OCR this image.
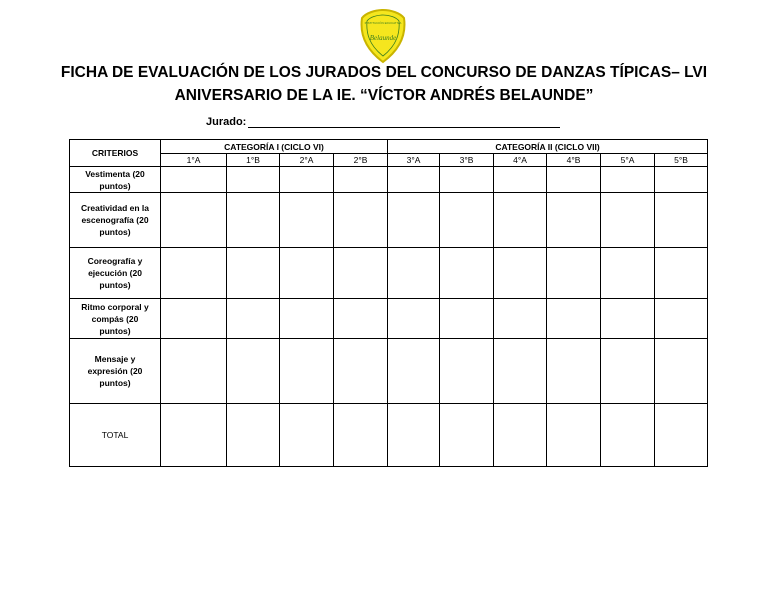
INSTITUCIÓN EDUCATIVA
Belaunde
FICHA DE EVALUACIÓN DE LOS JURADOS DEL CONCURSO DE DANZAS TÍPICAS– LVI
ANIVERSARIO DE LA IE. “VÍCTOR ANDRÉS BELAUNDE”
Jurado:
CRITERIOS	CATEGORÍA I (CICLO VI)				CATEGORÍA II (CICLO VII)					
	1°A	1°B	2°A	2°B	3°A	3°B	4°A	4°B	5°A	5°B
Vestimenta (20
puntos)										
Creatividad en la
escenografía (20
puntos)										
Coreografía y
ejecución (20
puntos)										
Ritmo corporal y
compás (20
puntos)										
Mensaje y
expresión (20
puntos)										
TOTAL										
